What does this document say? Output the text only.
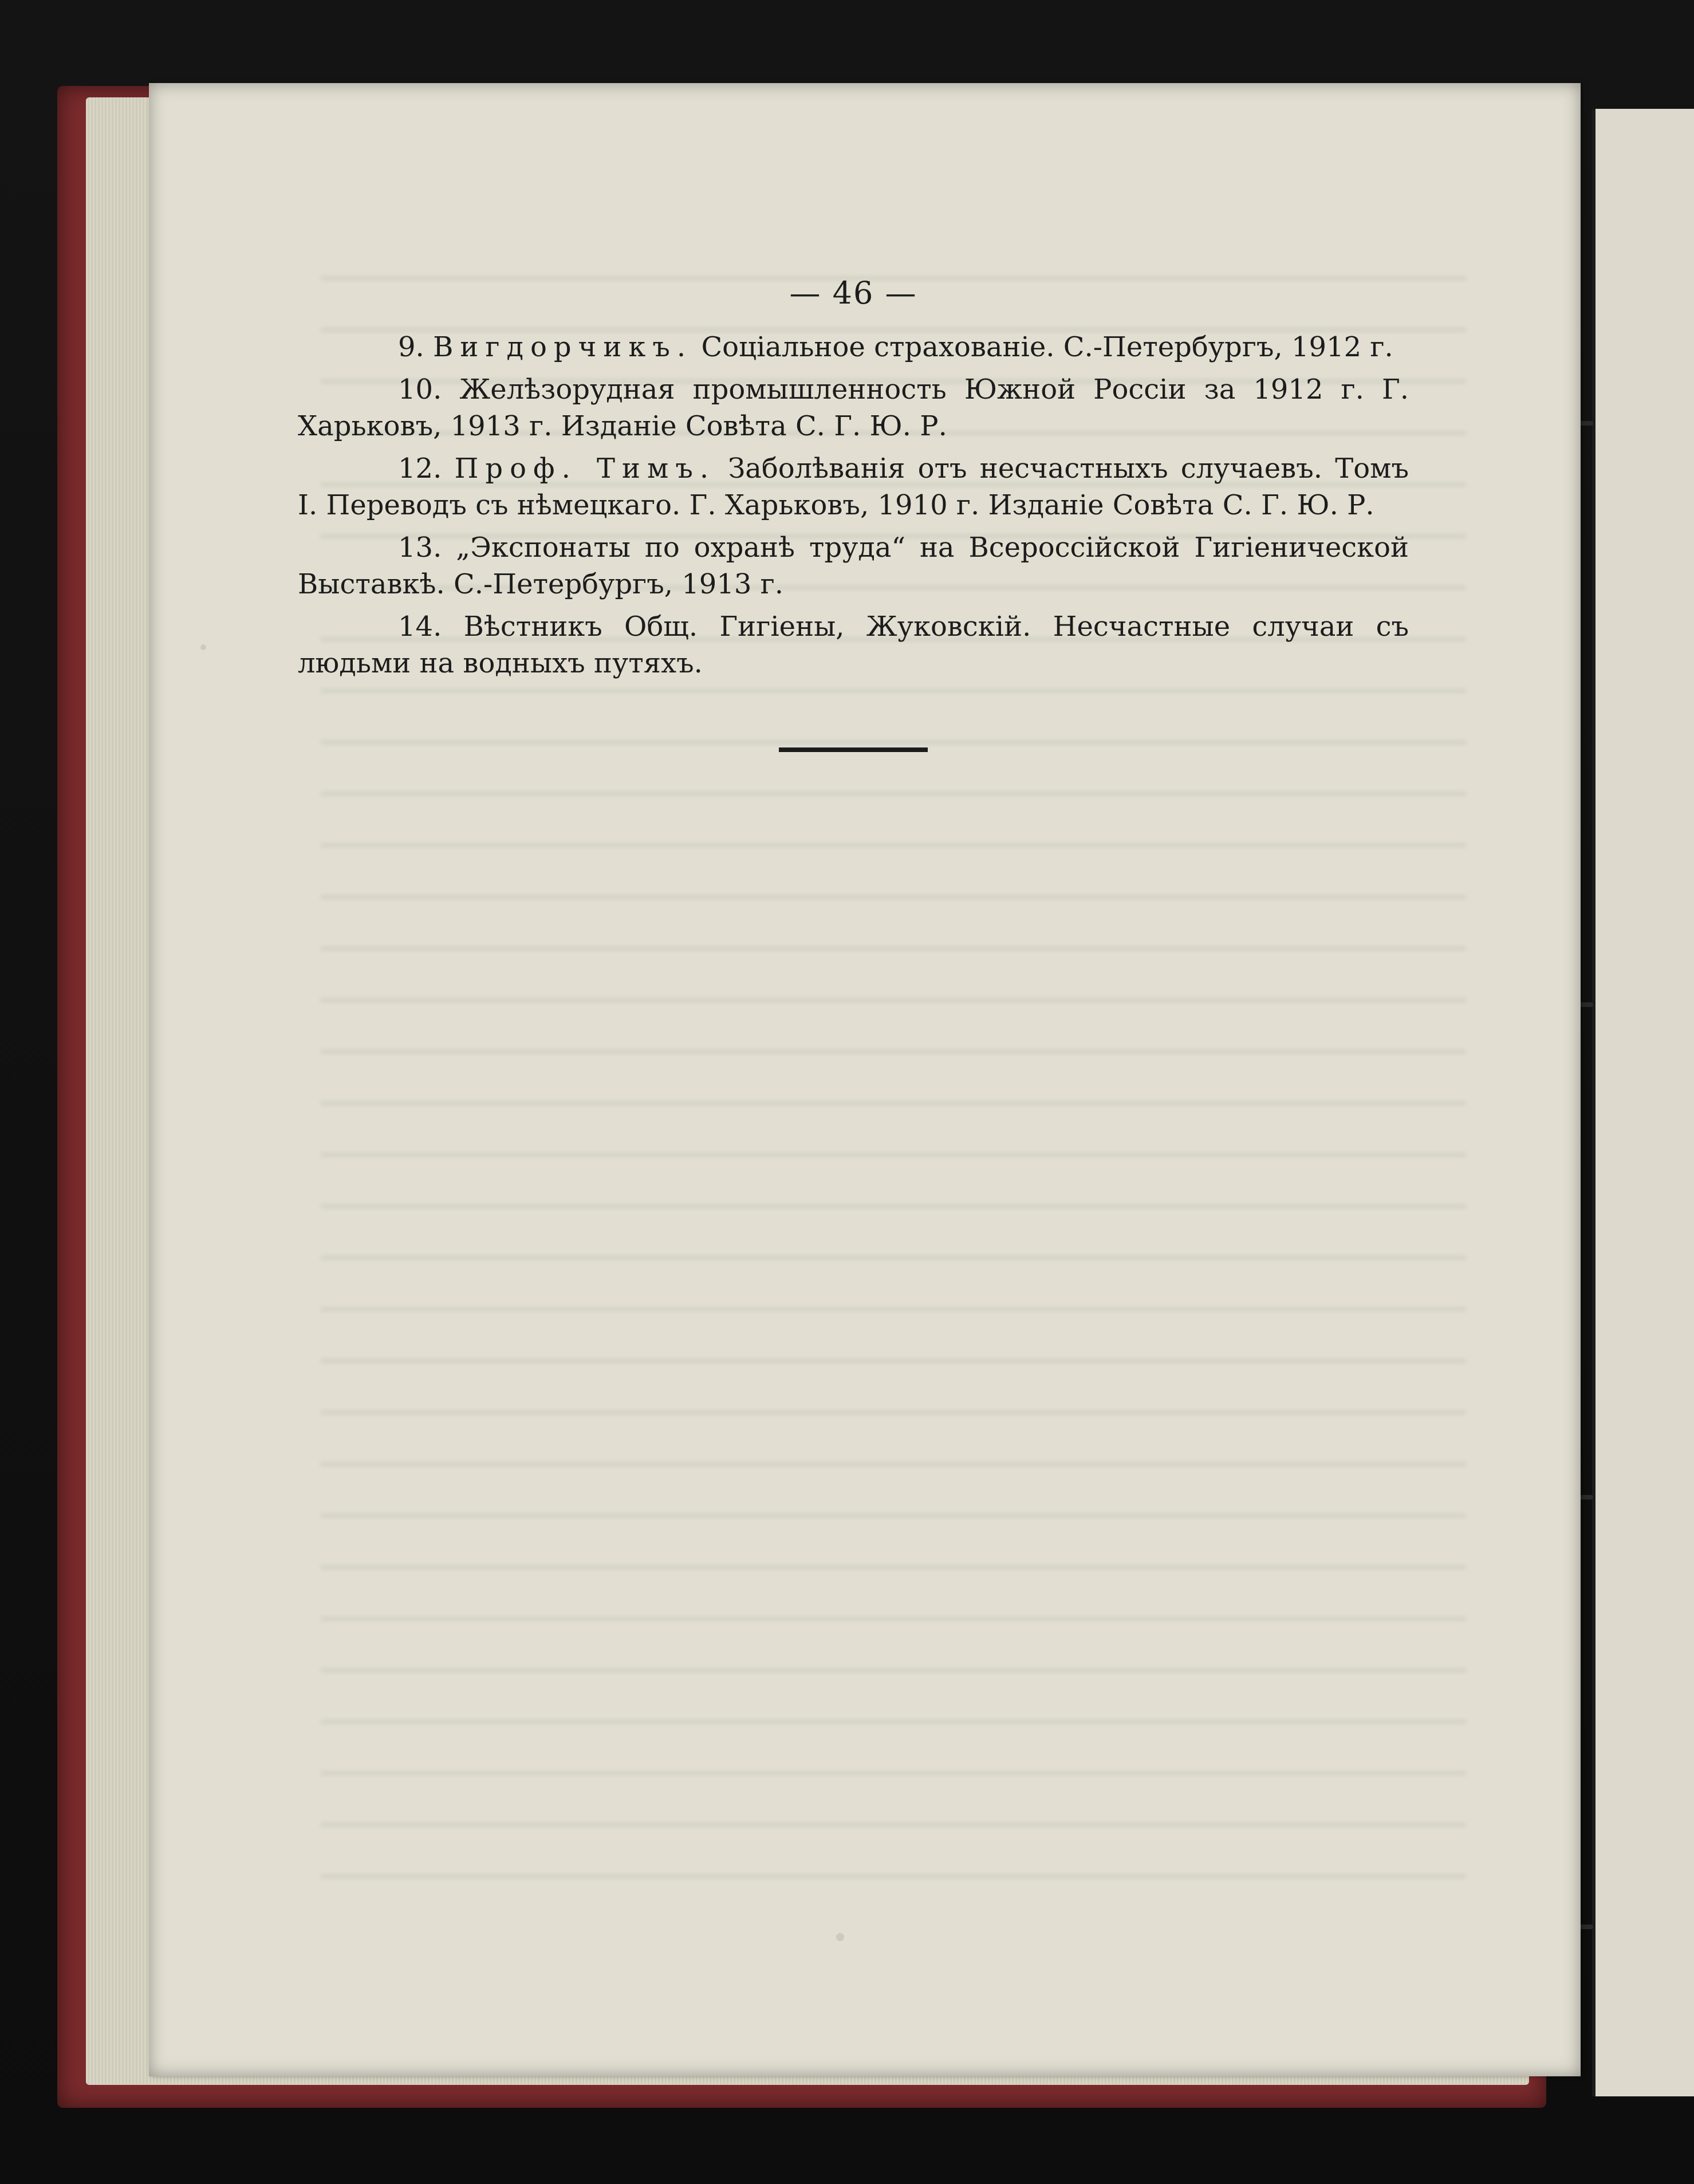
— 46 —

9. Вигдорчикъ. Соціальное страхованіе. С.-Петербургъ, 1912 г.

10. Желѣзорудная промышленность Южной Россіи за 1912 г. Г. Харьковъ, 1913 г. Изданіе Совѣта С. Г. Ю. Р.

12. Проф. Тимъ. Заболѣванія отъ несчастныхъ случаевъ. Томъ I. Переводъ съ нѣмецкаго. Г. Харьковъ, 1910 г. Изданіе Совѣта С. Г. Ю. Р.

13. „Экспонаты по охранѣ труда“ на Всероссійской Гигіенической Выставкѣ. С.-Петербургъ, 1913 г.

14. Вѣстникъ Общ. Гигіены, Жуковскій. Несчастные случаи съ людьми на водныхъ путяхъ.
